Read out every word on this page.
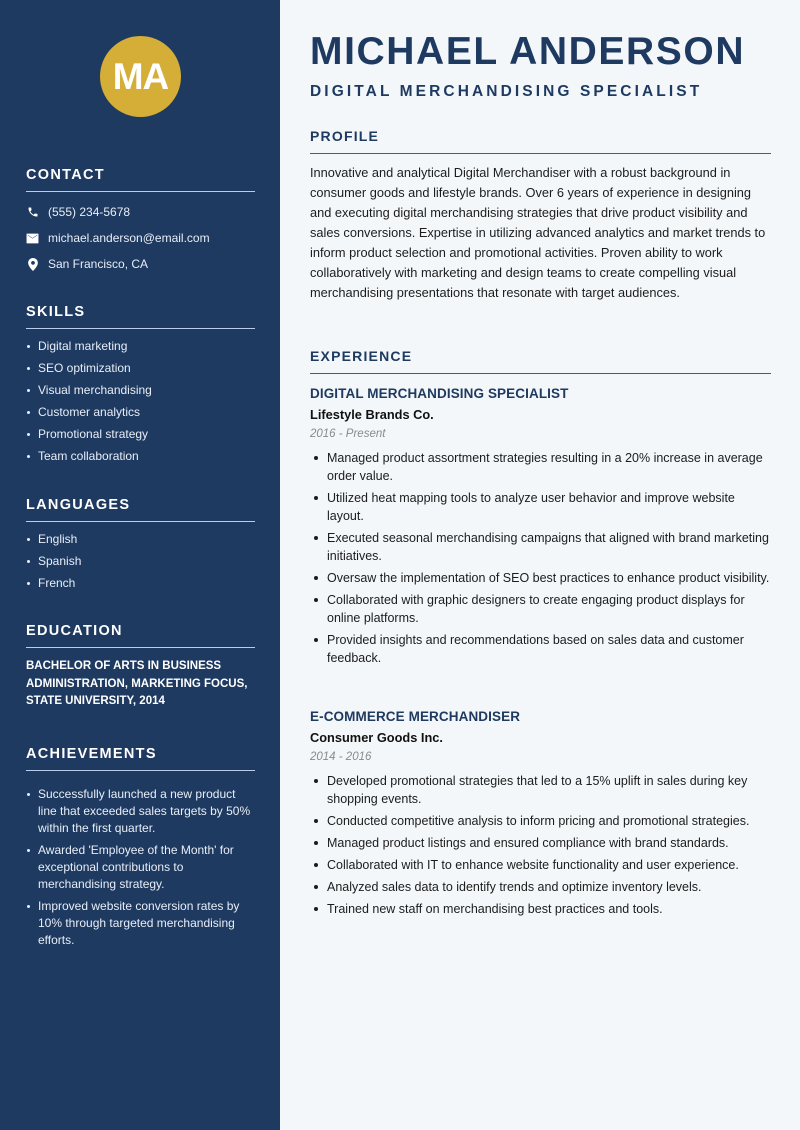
MA
CONTACT
(555) 234-5678
michael.anderson@email.com
San Francisco, CA
SKILLS
Digital marketing
SEO optimization
Visual merchandising
Customer analytics
Promotional strategy
Team collaboration
LANGUAGES
English
Spanish
French
EDUCATION

BACHELOR OF ARTS IN BUSINESS ADMINISTRATION, MARKETING FOCUS, STATE UNIVERSITY, 2014

ACHIEVEMENTS
Successfully launched a new product line that exceeded sales targets by 50% within the first quarter.
Awarded 'Employee of the Month' for exceptional contributions to merchandising strategy.
Improved website conversion rates by 10% through targeted merchandising efforts.
MICHAEL ANDERSON
DIGITAL MERCHANDISING SPECIALIST
PROFILE

Innovative and analytical Digital Merchandiser with a robust background in consumer goods and lifestyle brands. Over 6 years of experience in designing and executing digital merchandising strategies that drive product visibility and sales conversions. Expertise in utilizing advanced analytics and market trends to inform product selection and promotional activities. Proven ability to work collaboratively with marketing and design teams to create compelling visual merchandising presentations that resonate with target audiences.

EXPERIENCE
DIGITAL MERCHANDISING SPECIALIST
Lifestyle Brands Co.
2016 - Present
Managed product assortment strategies resulting in a 20% increase in average order value.
Utilized heat mapping tools to analyze user behavior and improve website layout.
Executed seasonal merchandising campaigns that aligned with brand marketing initiatives.
Oversaw the implementation of SEO best practices to enhance product visibility.
Collaborated with graphic designers to create engaging product displays for online platforms.
Provided insights and recommendations based on sales data and customer feedback.
E-COMMERCE MERCHANDISER
Consumer Goods Inc.
2014 - 2016
Developed promotional strategies that led to a 15% uplift in sales during key shopping events.
Conducted competitive analysis to inform pricing and promotional strategies.
Managed product listings and ensured compliance with brand standards.
Collaborated with IT to enhance website functionality and user experience.
Analyzed sales data to identify trends and optimize inventory levels.
Trained new staff on merchandising best practices and tools.
